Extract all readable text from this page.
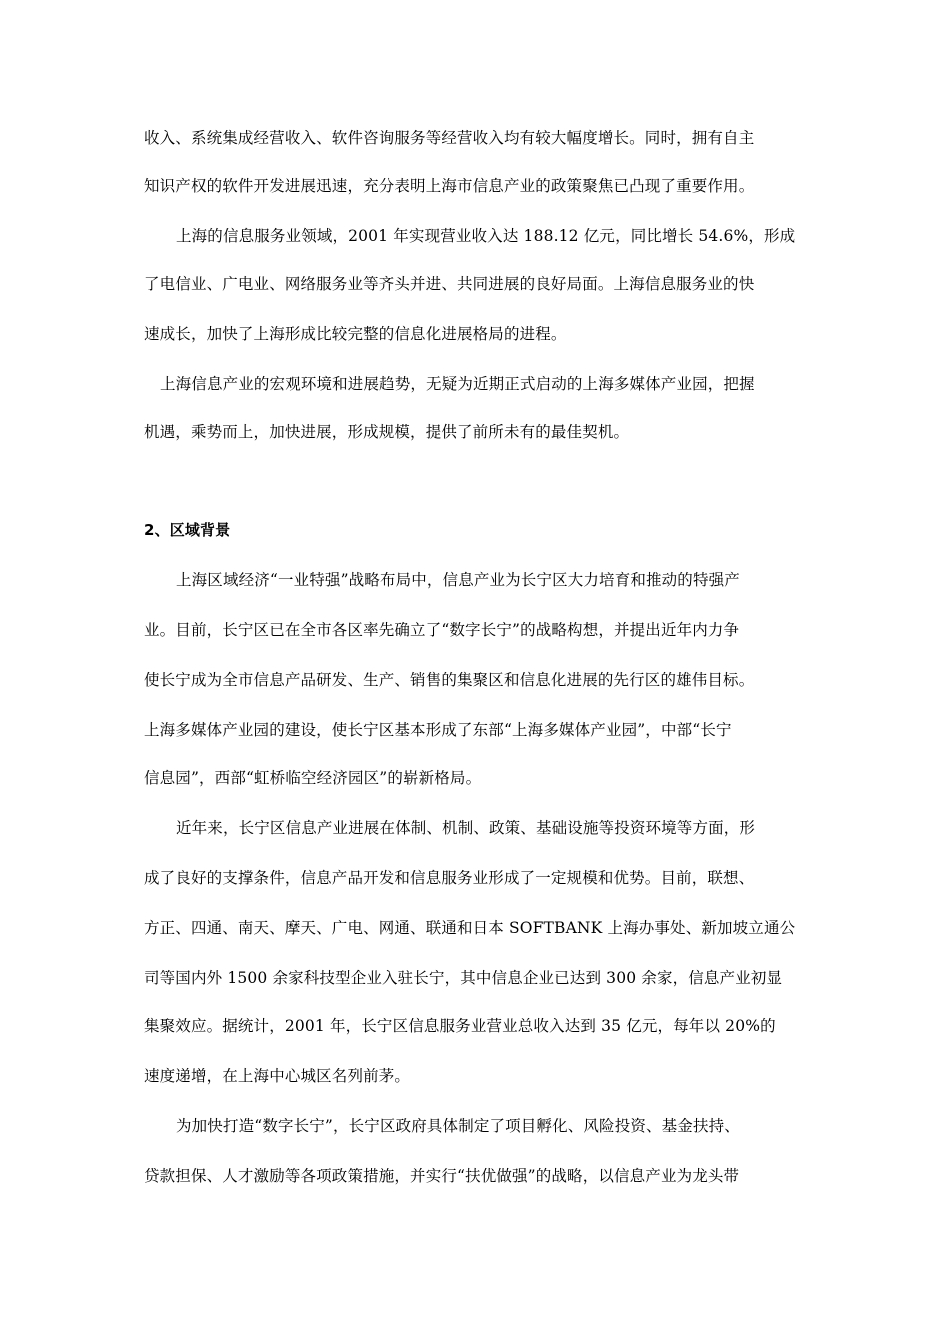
收入、系统集成经营收入、软件咨询服务等经营收入均有较大幅度增长。同时，拥有自主
知识产权的软件开发进展迅速，充分表明上海市信息产业的政策聚焦已凸现了重要作用。
上海的信息服务业领域，2001 年实现营业收入达 188.12 亿元，同比增长 54.6%，形成
了电信业、广电业、网络服务业等齐头并进、共同进展的良好局面。上海信息服务业的快
速成长，加快了上海形成比较完整的信息化进展格局的进程。
上海信息产业的宏观环境和进展趋势，无疑为近期正式启动的上海多媒体产业园，把握
机遇，乘势而上，加快进展，形成规模，提供了前所未有的最佳契机。
2、区域背景
上海区域经济“一业特强”战略布局中，信息产业为长宁区大力培育和推动的特强产
业。目前，长宁区已在全市各区率先确立了“数字长宁”的战略构想，并提出近年内力争
使长宁成为全市信息产品研发、生产、销售的集聚区和信息化进展的先行区的雄伟目标。
上海多媒体产业园的建设，使长宁区基本形成了东部“上海多媒体产业园”，中部“长宁
信息园”，西部“虹桥临空经济园区”的崭新格局。
近年来，长宁区信息产业进展在体制、机制、政策、基础设施等投资环境等方面，形
成了良好的支撑条件，信息产品开发和信息服务业形成了一定规模和优势。目前，联想、
方正、四通、南天、摩天、广电、网通、联通和日本 SOFTBANK 上海办事处、新加坡立通公
司等国内外 1500 余家科技型企业入驻长宁，其中信息企业已达到 300 余家，信息产业初显
集聚效应。据统计，2001 年，长宁区信息服务业营业总收入达到 35 亿元，每年以 20%的
速度递增，在上海中心城区名列前茅。
为加快打造“数字长宁”，长宁区政府具体制定了项目孵化、风险投资、基金扶持、
贷款担保、人才激励等各项政策措施，并实行“扶优做强”的战略，以信息产业为龙头带
